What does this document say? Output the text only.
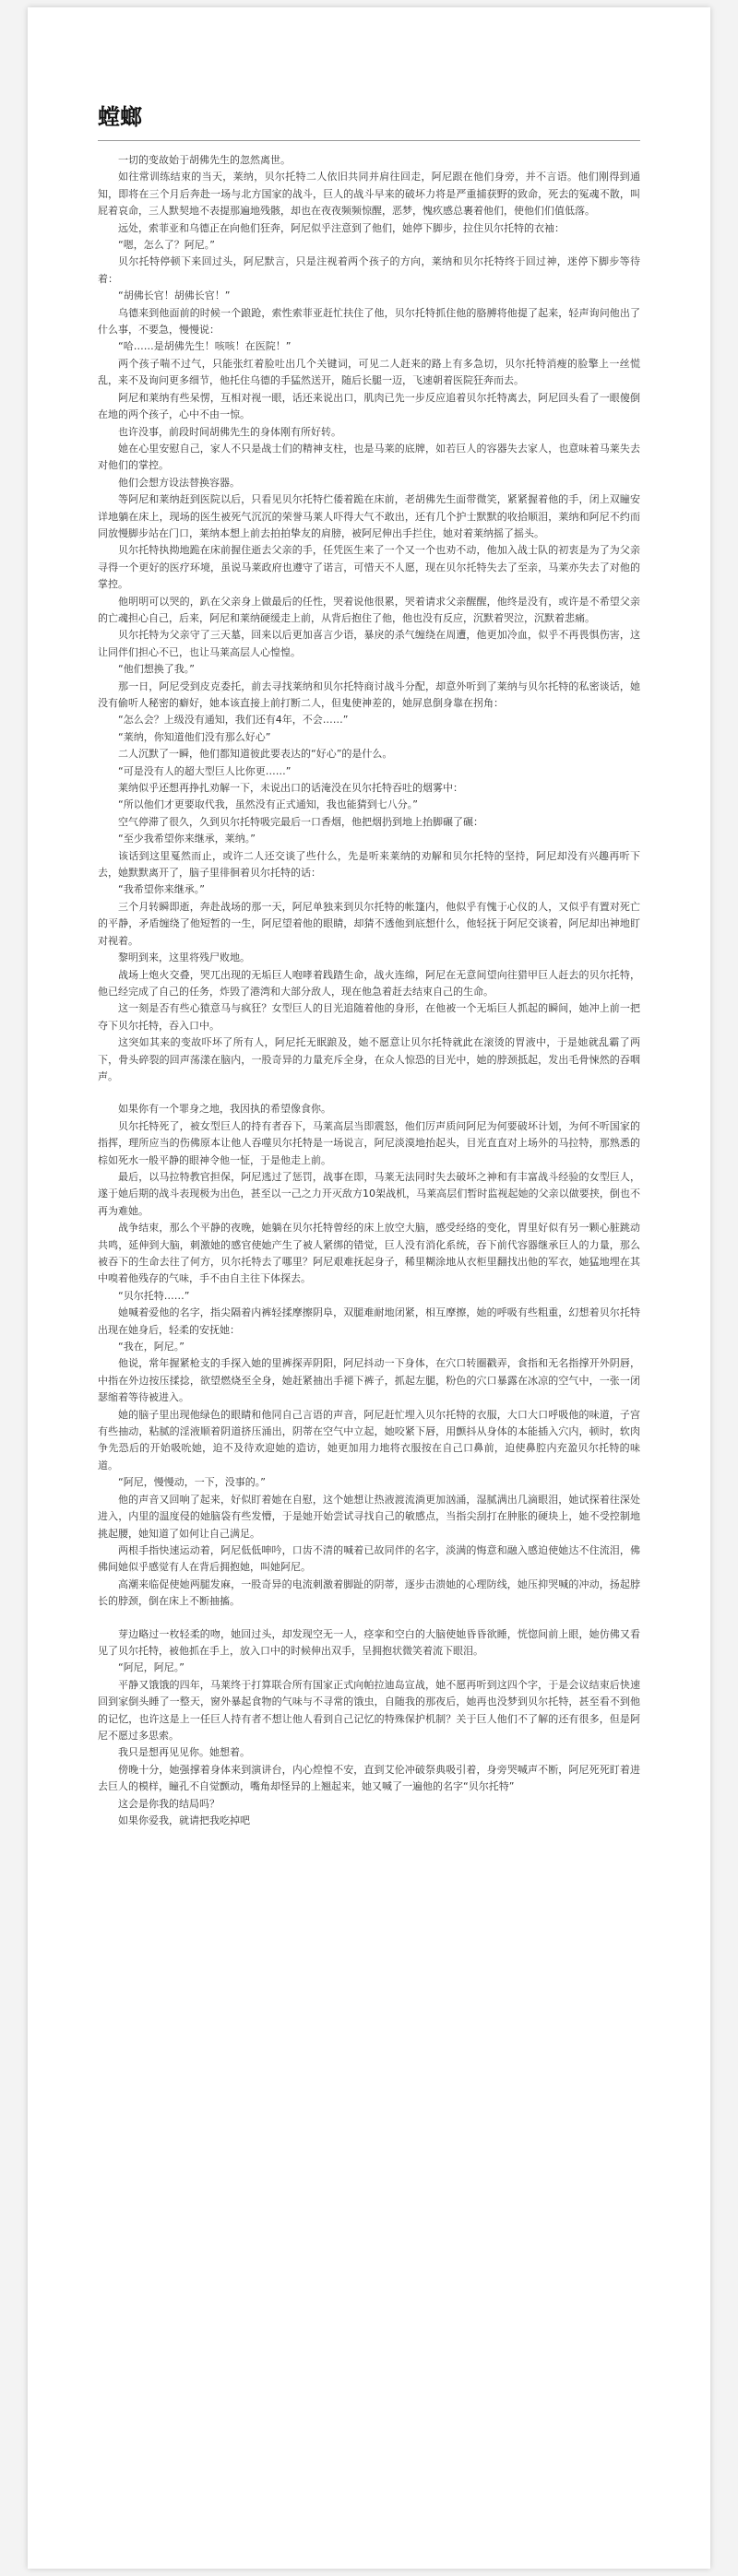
螳螂

一切的变故始于胡佛先生的忽然离世。

如往常训练结束的当天，莱纳，贝尔托特二人依旧共同并肩往回走，阿尼跟在他们身旁，并不言语。他们刚得到通知，即将在三个月后奔赴一场与北方国家的战斗，巨人的战斗早来的破坏力将是严重捕获野的致命，死去的冤魂不散，叫屁着哀命，三人默契地不表提那遍地残骸，却也在夜夜频频惊醒，恶梦，愧疚感总裹着他们，使他们们值低落。

远处，索菲亚和乌德正在向他们狂奔，阿尼似乎注意到了他们，她停下脚步，拉住贝尔托特的衣袖：

“嗯，怎么了？阿尼。”

贝尔托特停顿下来回过头，阿尼默言，只是注视着两个孩子的方向，莱纳和贝尔托特终于回过神，迷停下脚步等待着：

“胡佛长官！胡佛长官！”

乌德来到他面前的时候一个踉跄，索性索菲亚赶忙扶住了他，贝尔托特抓住他的胳膊将他提了起来，轻声询问他出了什么事，不要急，慢慢说：

“哈……是胡佛先生！咳咳！在医院！”

两个孩子喘不过气，只能张红着脸吐出几个关键词，可见二人赶来的路上有多急切，贝尔托特消瘦的脸擎上一丝慌乱，来不及询问更多细节，他托住乌德的手猛然送开，随后长腿一迈，飞速朝着医院狂奔而去。

阿尼和莱纳有些呆愣，互相对视一眼，话还来说出口，肌肉已先一步反应追着贝尔托特离去，阿尼回头看了一眼傻倒在地的两个孩子，心中不由一惊。

也许没事，前段时间胡佛先生的身体刚有所好转。

她在心里安慰自己，家人不只是战士们的精神支柱，也是马莱的底牌，如若巨人的容器失去家人，也意味着马莱失去对他们的掌控。

他们会想方设法替换容器。

等阿尼和莱纳赶到医院以后，只看见贝尔托特伫倭着跪在床前，老胡佛先生面带微笑，紧紧握着他的手，闭上双瞳安详地躺在床上，现场的医生被死气沉沉的荣誉马莱人吓得大气不敢出，还有几个护士默默的收拾顺泪，莱纳和阿尼不约而同放慢脚步站在门口，莱纳本想上前去拍拍挚友的肩膀，被阿尼伸出手拦住，她对着莱纳摇了摇头。

贝尔托特执拗地跪在床前握住逝去父亲的手，任凭医生来了一个又一个也劝不动，他加入战士队的初衷是为了为父亲寻得一个更好的医疗环境，虽说马莱政府也遵守了诺言，可惜天不人愿，现在贝尔托特失去了至亲，马莱亦失去了对他的掌控。

他明明可以哭的，趴在父亲身上做最后的任性，哭着说他很累，哭着请求父亲醒醒，他终是没有，或许是不希望父亲的亡魂担心自己，后来，阿尼和莱纳硬缓走上前，从背后抱住了他，他也没有反应，沉默着哭泣，沉默着悲痛。

贝尔托特为父亲守了三天墓，回来以后更加喜言少语，暴戾的杀气缠绕在周遭，他更加冷血，似乎不再畏惧伤害，这让同伴们担心不已，也让马莱高层人心惶惶。

“他们想换了我。”

那一日，阿尼受到皮克委托，前去寻找莱纳和贝尔托特商讨战斗分配，却意外听到了莱纳与贝尔托特的私密谈话，她没有偷听人秘密的癖好，她本该直接上前打断二人，但鬼使神差的，她屏息倒身靠在拐角：

“怎么会？上级没有通知，我们还有4年，不会……”

“莱纳，你知道他们没有那么好心”

二人沉默了一瞬，他们都知道彼此要表达的“好心”的是什么。

“可是没有人的超大型巨人比你更……”

莱纳似乎还想再挣扎劝解一下，未说出口的话淹没在贝尔托特吞吐的烟雾中：

“所以他们才更要取代我，虽然没有正式通知，我也能猜到七八分。”

空气停滞了很久，久到贝尔托特吸完最后一口香烟，他把烟扔到地上抬脚碾了碾：

“至少我希望你来继承，莱纳。”

该话到这里戛然而止，或许二人还交谈了些什么，先是听来莱纳的劝解和贝尔托特的坚持，阿尼却没有兴趣再听下去，她默默离开了，脑子里徘徊着贝尔托特的话：

“我希望你来继承。”

三个月转瞬即逝，奔赴战场的那一天，阿尼单独来到贝尔托特的帐篷内，他似乎有愧于心仪的人，又似乎有置对死亡的平静，矛盾缠绕了他短暂的一生，阿尼望着他的眼睛，却猜不透他到底想什么，他轻抚于阿尼交谈着，阿尼却出神地盯对视着。

黎明到来，这里将残尸败地。

战场上炮火交叠，哭兀出现的无垢巨人咆哮着践踏生命，战火连绵，阿尼在无意间望向往猎甲巨人赶去的贝尔托特，他已经完成了自己的任务，炸毁了港湾和大部分敌人，现在他急着赶去结束自己的生命。

这一刻是否有些心猿意马与疯狂？女型巨人的目光追随着他的身形，在他被一个无垢巨人抓起的瞬间，她冲上前一把夺下贝尔托特，吞入口中。

这突如其来的变故吓坏了所有人，阿尼托无眠踉及，她不愿意让贝尔托特就此在滚烫的胃液中，于是她就乱霸了两下，骨头碎裂的回声荡漾在脑内，一股奇异的力量充斥全身，在众人惊恐的目光中，她的脖颈抵起，发出毛骨悚然的吞咽声。

如果你有一个罪身之地，我因执的希望像食你。

贝尔托特死了，被女型巨人的持有者吞下，马莱高层当即震怒，他们厉声质问阿尼为何要破坏计划，为何不听国家的指挥，理所应当的伤佛原本让他人吞噬贝尔托特是一场说言，阿尼淡漠地抬起头，目光直直对上场外的马拉特，那熟悉的棕如死水一般平静的眼神令他一怔，于是他走上前。

最后，以马拉特教官担保，阿尼逃过了惩罚，战事在即，马莱无法同时失去破坏之神和有丰富战斗经验的女型巨人，遂于她后期的战斗表现极为出色，甚至以一己之力开灭敌方10架战机，马莱高层们暂时监视起她的父亲以做要挟，倒也不再为难她。

战争结束，那么个平静的夜晚，她躺在贝尔托特曾经的床上放空大脑，感受经络的变化，胃里好似有另一颗心脏跳动共鸣，延伸到大脑，刺激她的感官使她产生了被人紧绑的错觉，巨人没有消化系统，吞下前代容器继承巨人的力量，那么被吞下的生命去往了何方，贝尔托特去了哪里？阿尼艰难抚起身子，稀里糊涂地从衣柜里翻找出他的军衣，她猛地埋在其中嗅着他残存的气味，手不由自主往下体探去。

“贝尔托特……”

她喊着爱他的名字，指尖隔着内裤轻揉摩擦阴阜，双腿难耐地闭紧，相互摩擦，她的呼吸有些粗重，幻想着贝尔托特出现在她身后，轻柔的安抚她：

“我在，阿尼。”

他说，常年握紧枪支的手探入她的里裤探弄阴阳，阿尼抖动一下身体，在穴口转圈戳弄，食指和无名指撑开外阴唇，中指在外边按压揉捻，欲望燃烧至全身，她赶紧抽出手褪下裤子，抓起左腿，粉色的穴口暴露在冰凉的空气中，一张一闭瑟缩着等待被进入。

她的脑子里出现他绿色的眼睛和他同自己言语的声音，阿尼赶忙埋入贝尔托特的衣服，大口大口呼吸他的味道，子宫有些抽动，粘腻的淫液顺着阴道挤压涌出，阴蒂在空气中立起，她咬紧下唇，用颤抖从身体的本能插入穴内，顿时，软肉争先恐后的开始吸吮她，迫不及待欢迎她的造访，她更加用力地将衣服按在自己口鼻前，迫使鼻腔内充盈贝尔托特的味道。

“阿尼，慢慢动，一下，没事的。”

他的声音又回响了起来，好似盯着她在自慰，这个她想让热液渡流淌更加汹涌，湿腻满出几滴眼泪，她试探着往深处进入，内里的温度侵的她脑袋有些发懵，于是她开始尝试寻找自己的敏感点，当指尖刮打在肿胀的硬块上，她不受控制地挑起腰，她知道了如何让自己满足。

两根手指快速运动着，阿尼低低呻吟，口齿不清的喊着已故同伴的名字，淡满的悔意和融入感迫使她达不住流泪，佛佛间她似乎感觉有人在背后拥抱她，叫她阿尼。

高潮来临促使她两腿发麻，一股奇异的电流刺激着脚趾的阴蒂，逐步击溃她的心理防线，她压抑哭喊的冲动，扬起脖长的脖颈，倒在床上不断抽搐。

芽边略过一枚轻柔的吻，她回过头，却发现空无一人，痉挛和空白的大脑使她昏昏欲睡，恍惚间前上眼，她仿佛又看见了贝尔托特，被他抓在手上，放入口中的时候伸出双手，呈拥抱状微笑着流下眼泪。

“阿尼，阿尼。”

平静又饿饿的四年，马莱终于打算联合所有国家正式向帕拉迪岛宣战，她不愿再听到这四个字，于是会议结束后快速回到家倒头睡了一整天，窗外暴起食物的气味与不寻常的饿虫，自随我的那夜后，她再也没梦到贝尔托特，甚至看不到他的记忆，也许这是上一任巨人持有者不想让他人看到自己记忆的特殊保护机制？关于巨人他们不了解的还有很多，但是阿尼不愿过多思索。

我只是想再见见你。她想着。

傍晚十分，她强撑着身体来到演讲台，内心煌惶不安，直到艾伦冲破祭典吸引着，身旁哭喊声不断，阿尼死死盯着进去巨人的模样，瞳孔不自觉颤动，嘴角却怪异的上翘起来，她又喊了一遍他的名字“贝尔托特”

这会是你我的结局吗？

如果你爱我，就请把我吃掉吧
